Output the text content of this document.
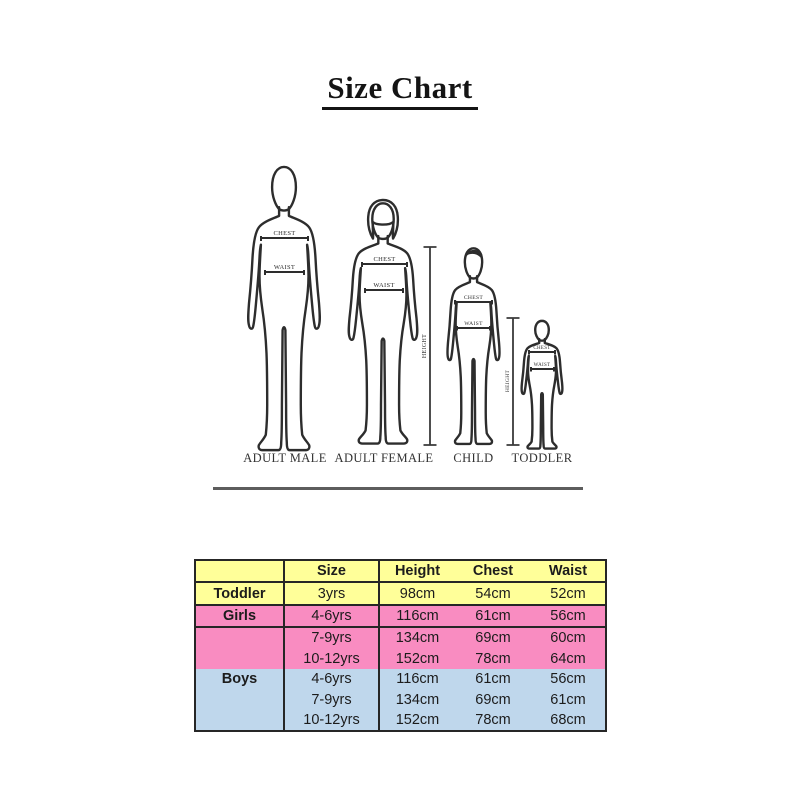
Size Chart
CHEST
WAIST
ADULT MALE
CHEST
WAIST
ADULT FEMALE
CHEST
WAIST
HEIGHT
CHILD
CHEST
WAIST
HEIGHT
TODDLER
	Size	Height	Chest	Waist
Toddler	3yrs	98cm	54cm	52cm
Girls	4-6yrs	116cm	61cm	56cm
	7-9yrs	134cm	69cm	60cm
	10-12yrs	152cm	78cm	64cm
Boys	4-6yrs	116cm	61cm	56cm
	7-9yrs	134cm	69cm	61cm
	10-12yrs	152cm	78cm	68cm
